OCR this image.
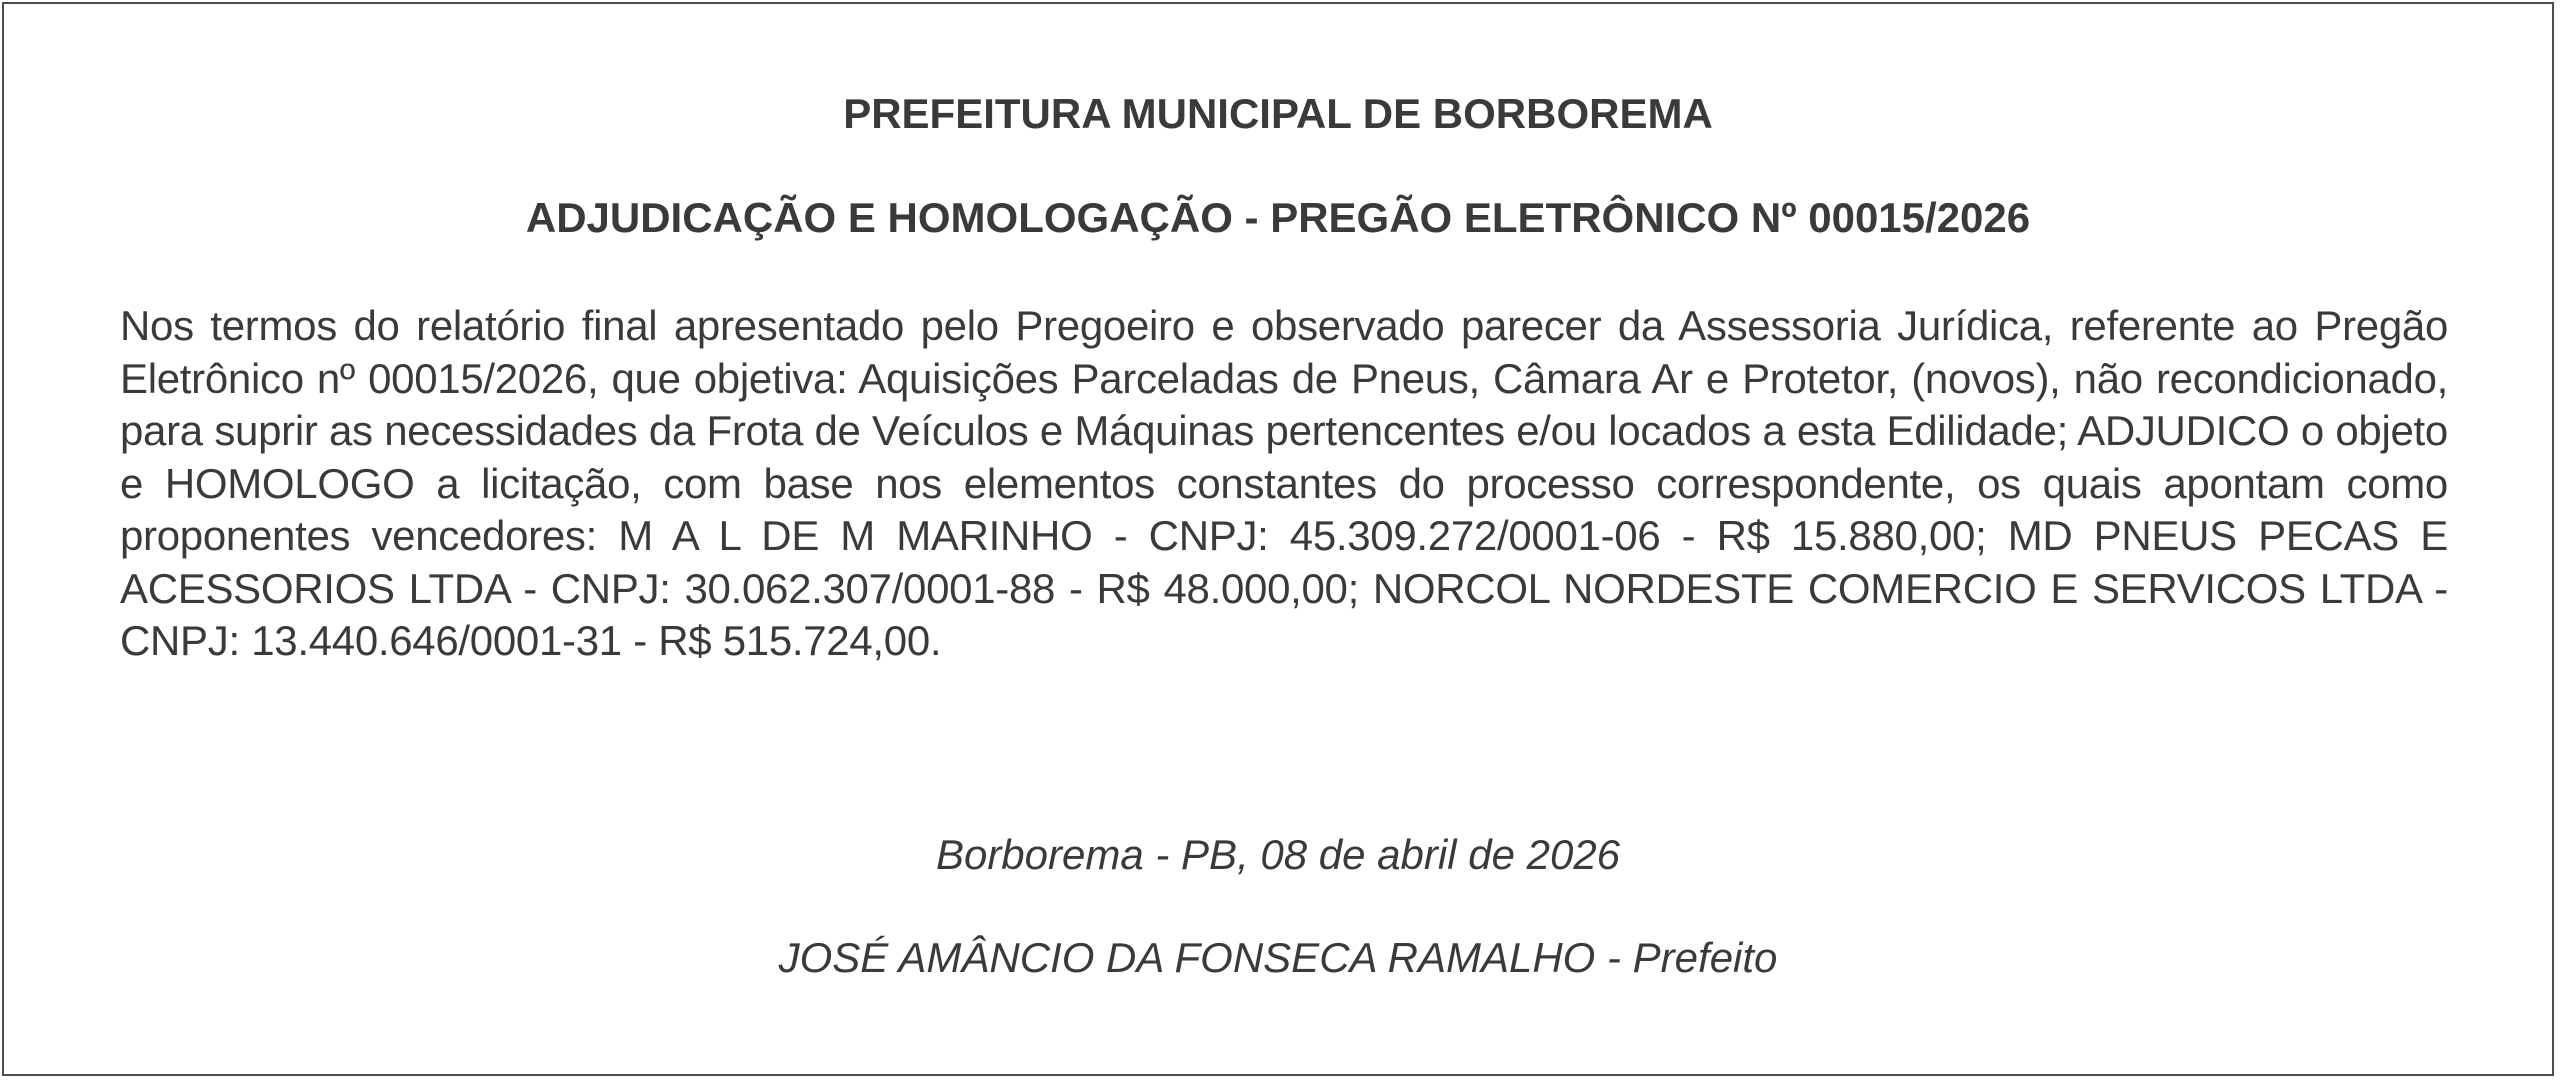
PREFEITURA MUNICIPAL DE BORBOREMA
ADJUDICAÇÃO E HOMOLOGAÇÃO - PREGÃO ELETRÔNICO Nº 00015/2026

Nos termos do relatório final apresentado pelo Pregoeiro e observado parecer da Assessoria Jurídica, referente ao Pregão Eletrônico nº 00015/2026, que objetiva: Aquisições Parceladas de Pneus, Câmara Ar e Protetor, (novos), não recondicionado, para suprir as necessidades da Frota de Veículos e Máquinas pertencentes e/ou locados a esta Edilidade; ADJUDICO o objeto e HOMOLOGO a licitação, com base nos elementos constantes do processo correspondente, os quais apontam como proponentes vencedores: M A L DE M MARINHO - CNPJ: 45.309.272/0001-06 - R$ 15.880,00; MD PNEUS PECAS E ACESSORIOS LTDA - CNPJ: 30.062.307/0001-88 - R$ 48.000,00; NORCOL NORDESTE COMERCIO E SERVICOS LTDA - CNPJ: 13.440.646/0001-31 - R$ 515.724,00.

Borborema - PB, 08 de abril de 2026

JOSÉ AMÂNCIO DA FONSECA RAMALHO - Prefeito
